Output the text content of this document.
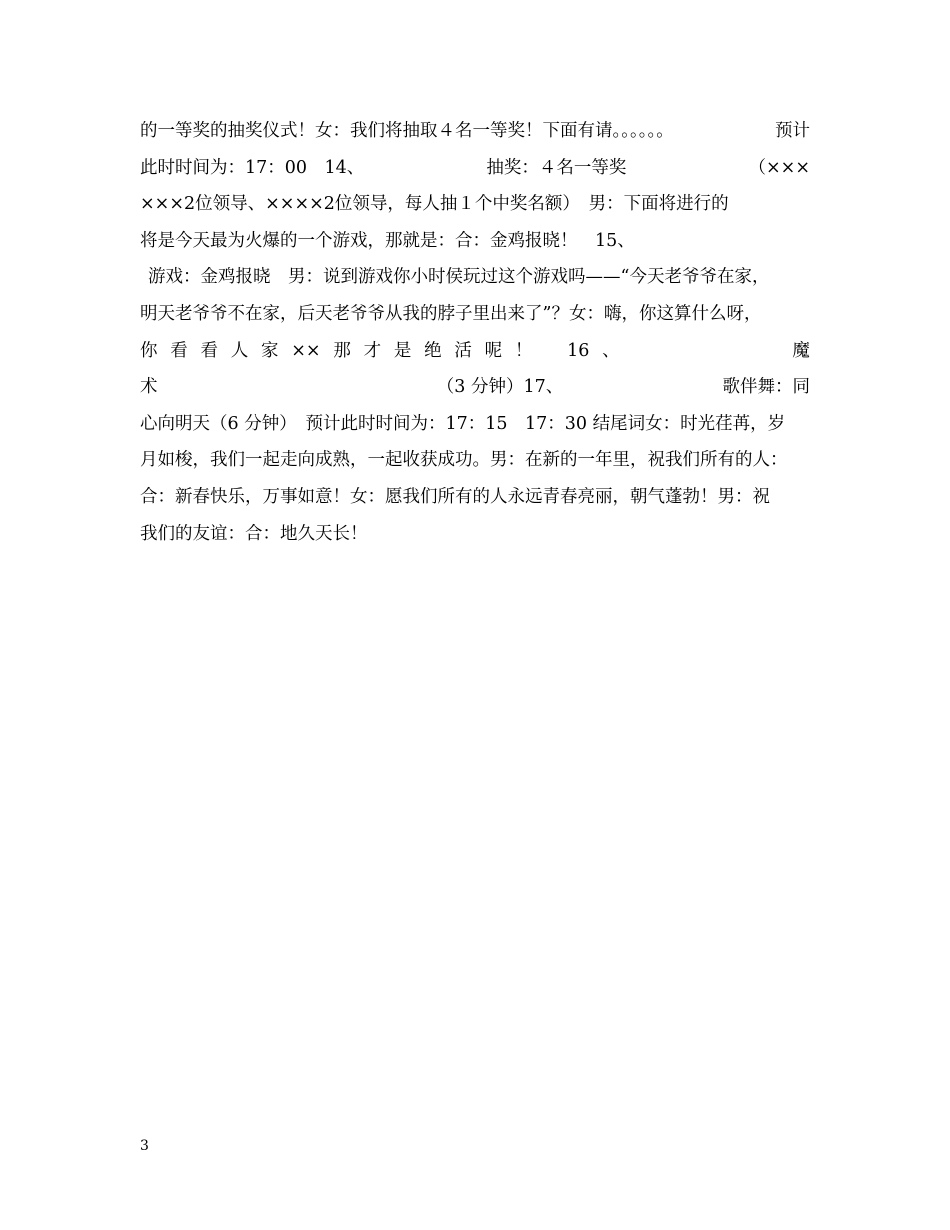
的一等奖的抽奖仪式！女：我们将抽取４名一等奖！下面有请。。。。。。	预计
此时时间为：17：00　14、	抽奖：４名一等奖	（×××
×××2位领导、××××2位领导，每人抽１个中奖名额）　男：下面将进行的
将是今天最为火爆的一个游戏，那就是：合：金鸡报晓！　15、
游戏：金鸡报晓　男：说到游戏你小时侯玩过这个游戏吗——“今天老爷爷在家，
明天老爷爷不在家，后天老爷爷从我的脖子里出来了”？女：嗨，你这算什么呀，
你 看 看 人 家 ×× 那 才 是 绝 活 呢 ！ 16 、	魔
术	（3 分钟）17、	歌伴舞：同
心向明天（6 分钟）　预计此时时间为：17：15　17：30 结尾词女：时光荏苒，岁
月如梭，我们一起走向成熟，一起收获成功。男：在新的一年里，祝我们所有的人：
合：新春快乐，万事如意！女：愿我们所有的人永远青春亮丽，朝气蓬勃！男：祝
我们的友谊：合：地久天长！
3
